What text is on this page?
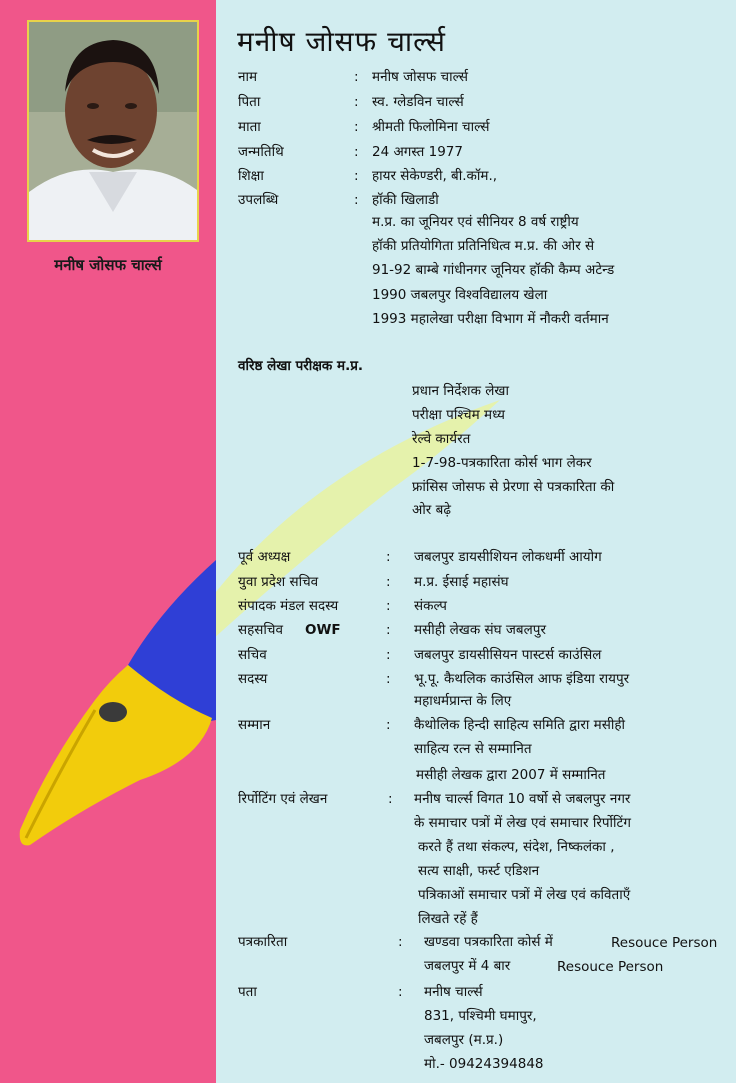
मनीष जोसफ चार्ल्स
मनीष जोसफ चार्ल्स
नाम	: मनीष जोसफ चार्ल्स
पिता	: स्व. ग्लेडविन चार्ल्स
माता	: श्रीमती फिलोमिना चार्ल्स
जन्मतिथि	: 24 अगस्त 1977
शिक्षा	: हायर सेकेण्डरी, बी.कॉम.,
उपलब्धि	: हॉकी खिलाडी
म.प्र. का जूनियर एवं सीनियर 8 वर्ष राष्ट्रीय
हॉकी प्रतियोगिता प्रतिनिधित्व म.प्र. की ओर से
91-92 बाम्बे गांधीनगर जूनियर हॉकी कैम्प अटेन्ड
1990 जबलपुर विश्वविद्यालय खेला
1993 महालेखा परीक्षा विभाग में नौकरी वर्तमान
वरिष्ठ लेखा परीक्षक म.प्र.
प्रधान निर्देशक लेखा
परीक्षा पश्चिम मध्य
रेल्वे कार्यरत
1-7-98-पत्रकारिता कोर्स भाग लेकर
फ्रांसिस जोसफ से प्रेरणा से पत्रकारिता की
ओर बढ़े
पूर्व अध्यक्ष	: जबलपुर डायसीशियन लोकधर्मी आयोग
युवा प्रदेश सचिव	: म.प्र. ईसाई महासंघ
संपादक मंडल सदस्य	: संकल्प
सहसचिव OWF	: मसीही लेखक संघ जबलपुर
सचिव	: जबलपुर डायसीसियन पास्टर्स काउंसिल
सदस्य	: भू.पू. कैथलिक काउंसिल आफ इंडिया रायपुर
महाधर्मप्रान्त के लिए
सम्मान	: कैथोलिक हिन्दी साहित्य समिति द्वारा मसीही
साहित्य रत्न से सम्मानित
मसीही लेखक द्वारा 2007 में सम्मानित
रिर्पोटिंग एवं लेखन	: मनीष चार्ल्स विगत 10 वर्षो से जबलपुर नगर
के समाचार पत्रों में लेख एवं समाचार रिर्पोटिंग
करते हैं तथा संकल्प, संदेश, निष्कलंका ,
सत्य साक्षी, फर्स्ट एडिशन
पत्रिकाओं समाचार पत्रों में लेख एवं कविताएँ
लिखते रहें हैं
पत्रकारिता	: खण्डवा पत्रकारिता कोर्स में	Resouce Person
जबलपुर में 4 बार	Resouce Person
पता	: मनीष चार्ल्स
831, पश्चिमी घमापुर,
जबलपुर (म.प्र.)
मो.- 09424394848
